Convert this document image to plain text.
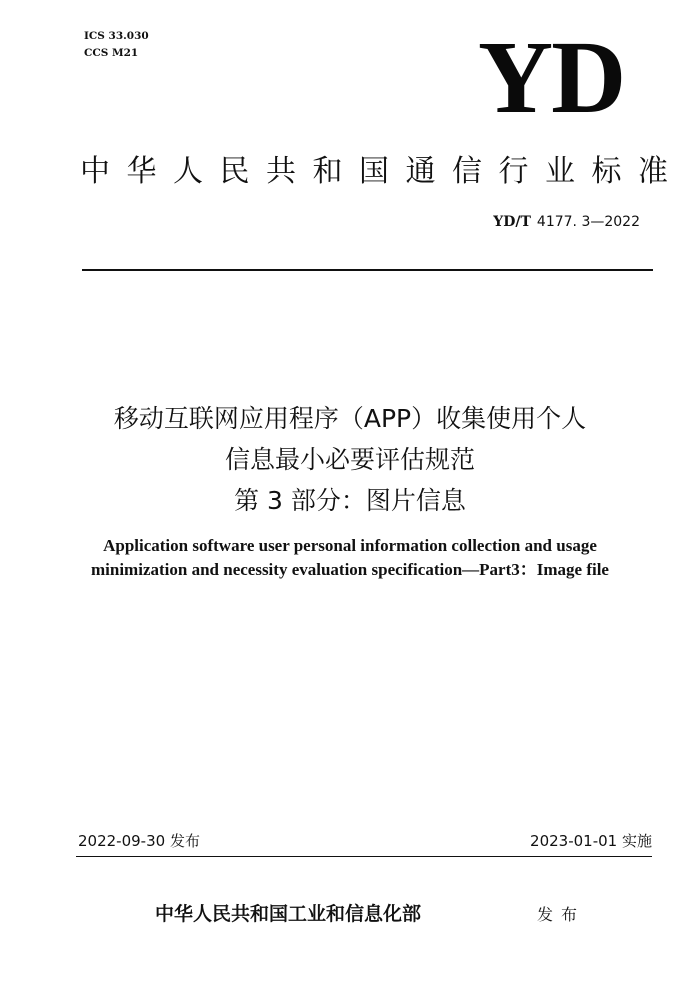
ICS 33.030
CCS M21	YD
中华人民共和国通信行业标准
YD/T 4177. 3—2022
移动互联网应用程序（APP）收集使用个人
信息最小必要评估规范
第 3 部分：图片信息
Application software user personal information collection and usage
minimization and necessity evaluation specification—Part3：Image file
2022-09-30 发布	2023-01-01 实施
中华人民共和国工业和信息化部	发布
